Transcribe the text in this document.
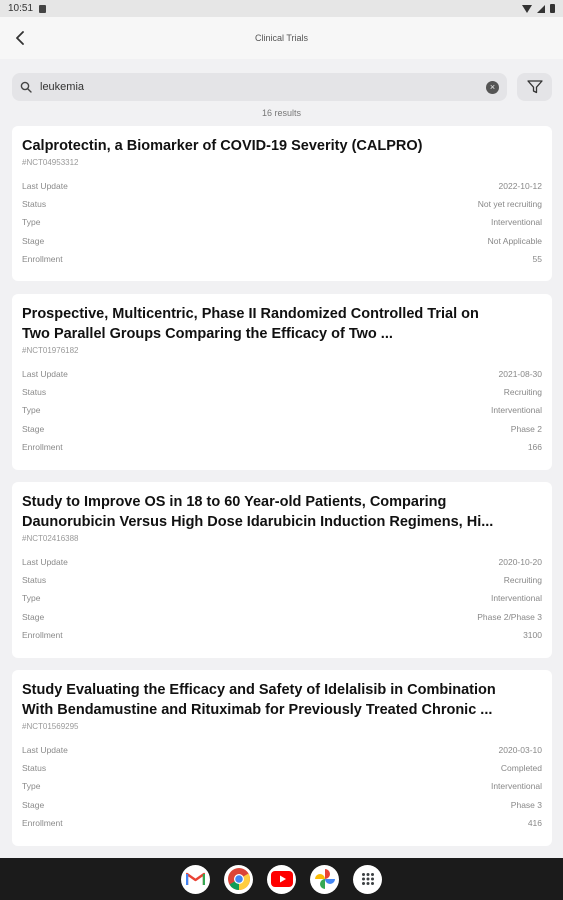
10:51
Clinical Trials
leukemia	×
16 results
Calprotectin, a Biomarker of COVID-19 Severity (CALPRO)
#NCT04953312
Last Update	2022-10-12
Status	Not yet recruiting
Type	Interventional
Stage	Not Applicable
Enrollment	55
Prospective, Multicentric, Phase II Randomized Controlled Trial on
Two Parallel Groups Comparing the Efficacy of Two ...
#NCT01976182
Last Update	2021-08-30
Status	Recruiting
Type	Interventional
Stage	Phase 2
Enrollment	166
Study to Improve OS in 18 to 60 Year-old Patients, Comparing
Daunorubicin Versus High Dose Idarubicin Induction Regimens, Hi...
#NCT02416388
Last Update	2020-10-20
Status	Recruiting
Type	Interventional
Stage	Phase 2/Phase 3
Enrollment	3100
Study Evaluating the Efficacy and Safety of Idelalisib in Combination
With Bendamustine and Rituximab for Previously Treated Chronic ...
#NCT01569295
Last Update	2020-03-10
Status	Completed
Type	Interventional
Stage	Phase 3
Enrollment	416
